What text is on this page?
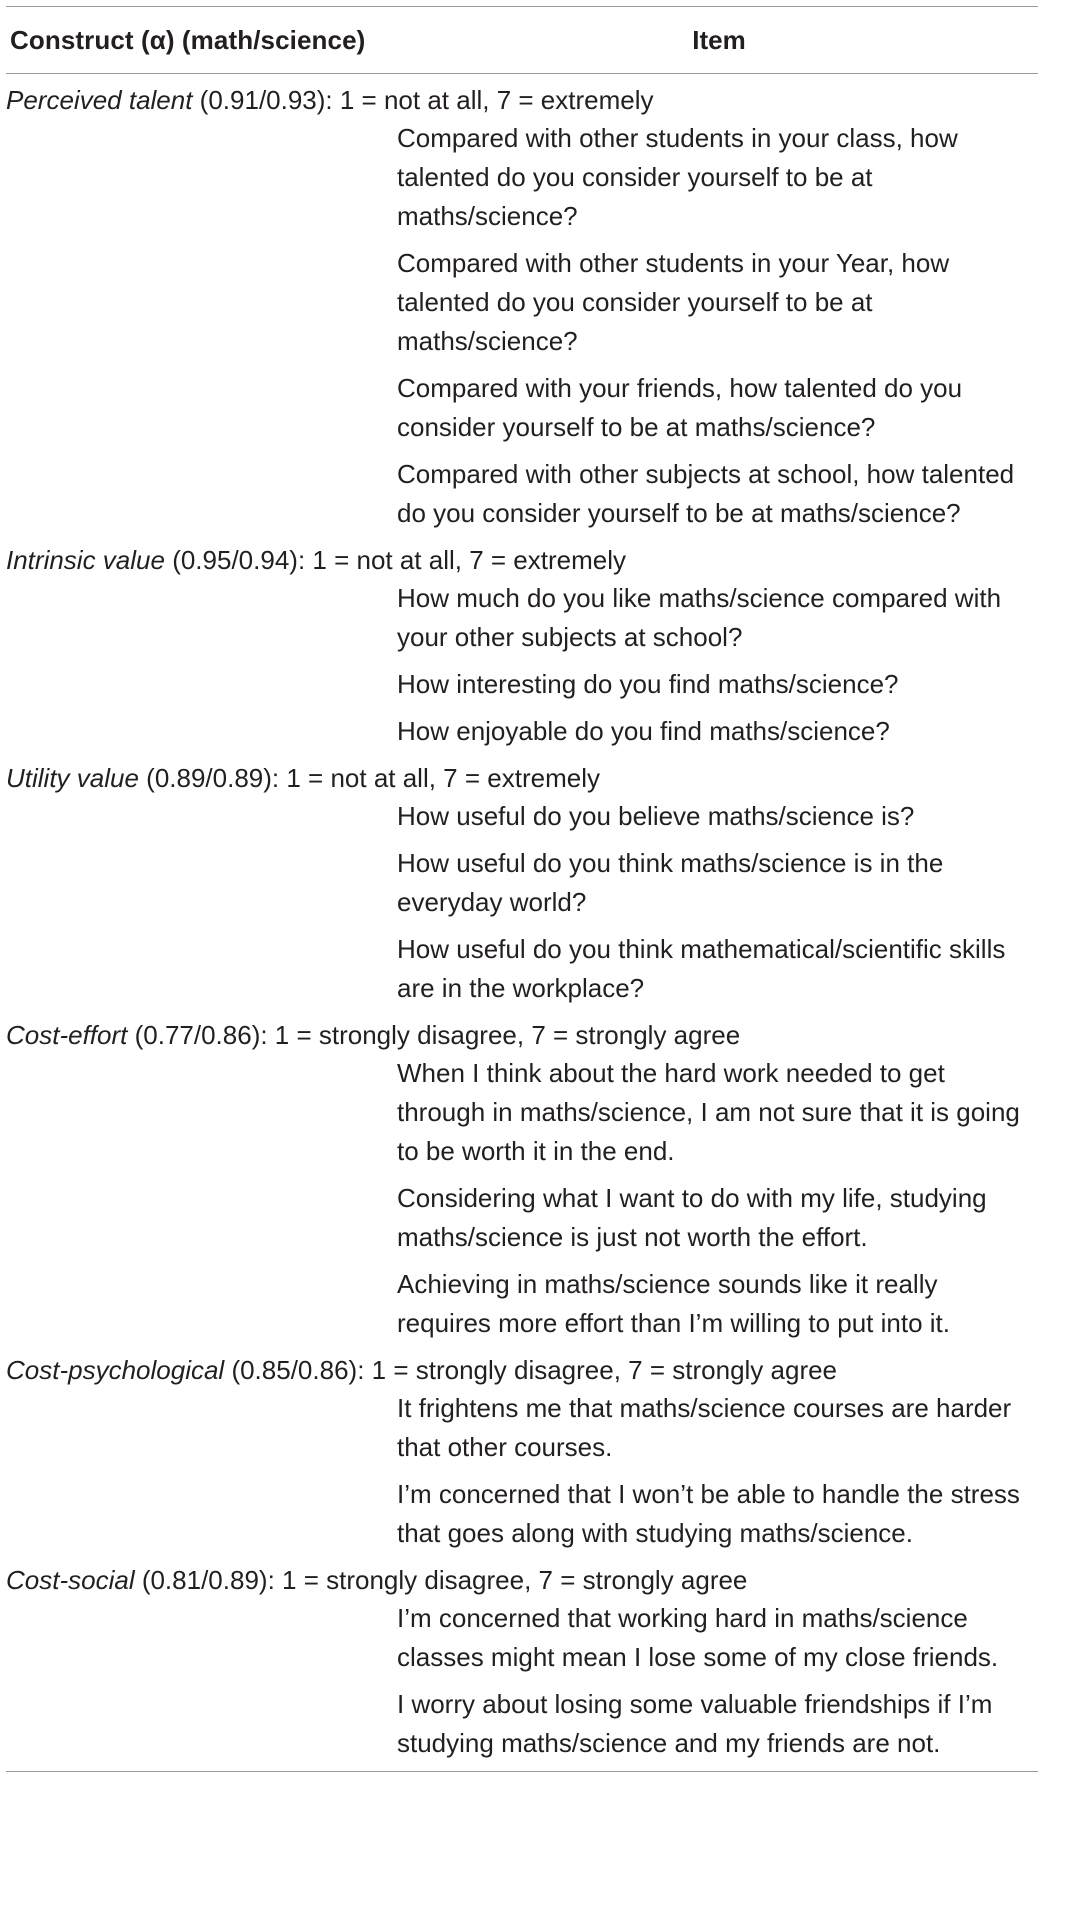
Construct (α) (math/science)	Item
Perceived talent (0.91/0.93): 1 = not at all, 7 = extremely
Compared with other students in your class, how talented do you consider yourself to be at maths/science?
Compared with other students in your Year, how talented do you consider yourself to be at maths/science?
Compared with your friends, how talented do you consider yourself to be at maths/science?
Compared with other subjects at school, how talented do you consider yourself to be at maths/science?
Intrinsic value (0.95/0.94): 1 = not at all, 7 = extremely
How much do you like maths/science compared with your other subjects at school?
How interesting do you find maths/science?
How enjoyable do you find maths/science?
Utility value (0.89/0.89): 1 = not at all, 7 = extremely
How useful do you believe maths/science is?
How useful do you think maths/science is in the everyday world?
How useful do you think mathematical/scientific skills are in the workplace?
Cost-effort (0.77/0.86): 1 = strongly disagree, 7 = strongly agree
When I think about the hard work needed to get through in maths/science, I am not sure that it is going to be worth it in the end.
Considering what I want to do with my life, studying maths/science is just not worth the effort.
Achieving in maths/science sounds like it really requires more effort than I’m willing to put into it.
Cost-psychological (0.85/0.86): 1 = strongly disagree, 7 = strongly agree
It frightens me that maths/science courses are harder that other courses.
I’m concerned that I won’t be able to handle the stress that goes along with studying maths/science.
Cost-social (0.81/0.89): 1 = strongly disagree, 7 = strongly agree
I’m concerned that working hard in maths/science classes might mean I lose some of my close friends.
I worry about losing some valuable friendships if I’m studying maths/science and my friends are not.
